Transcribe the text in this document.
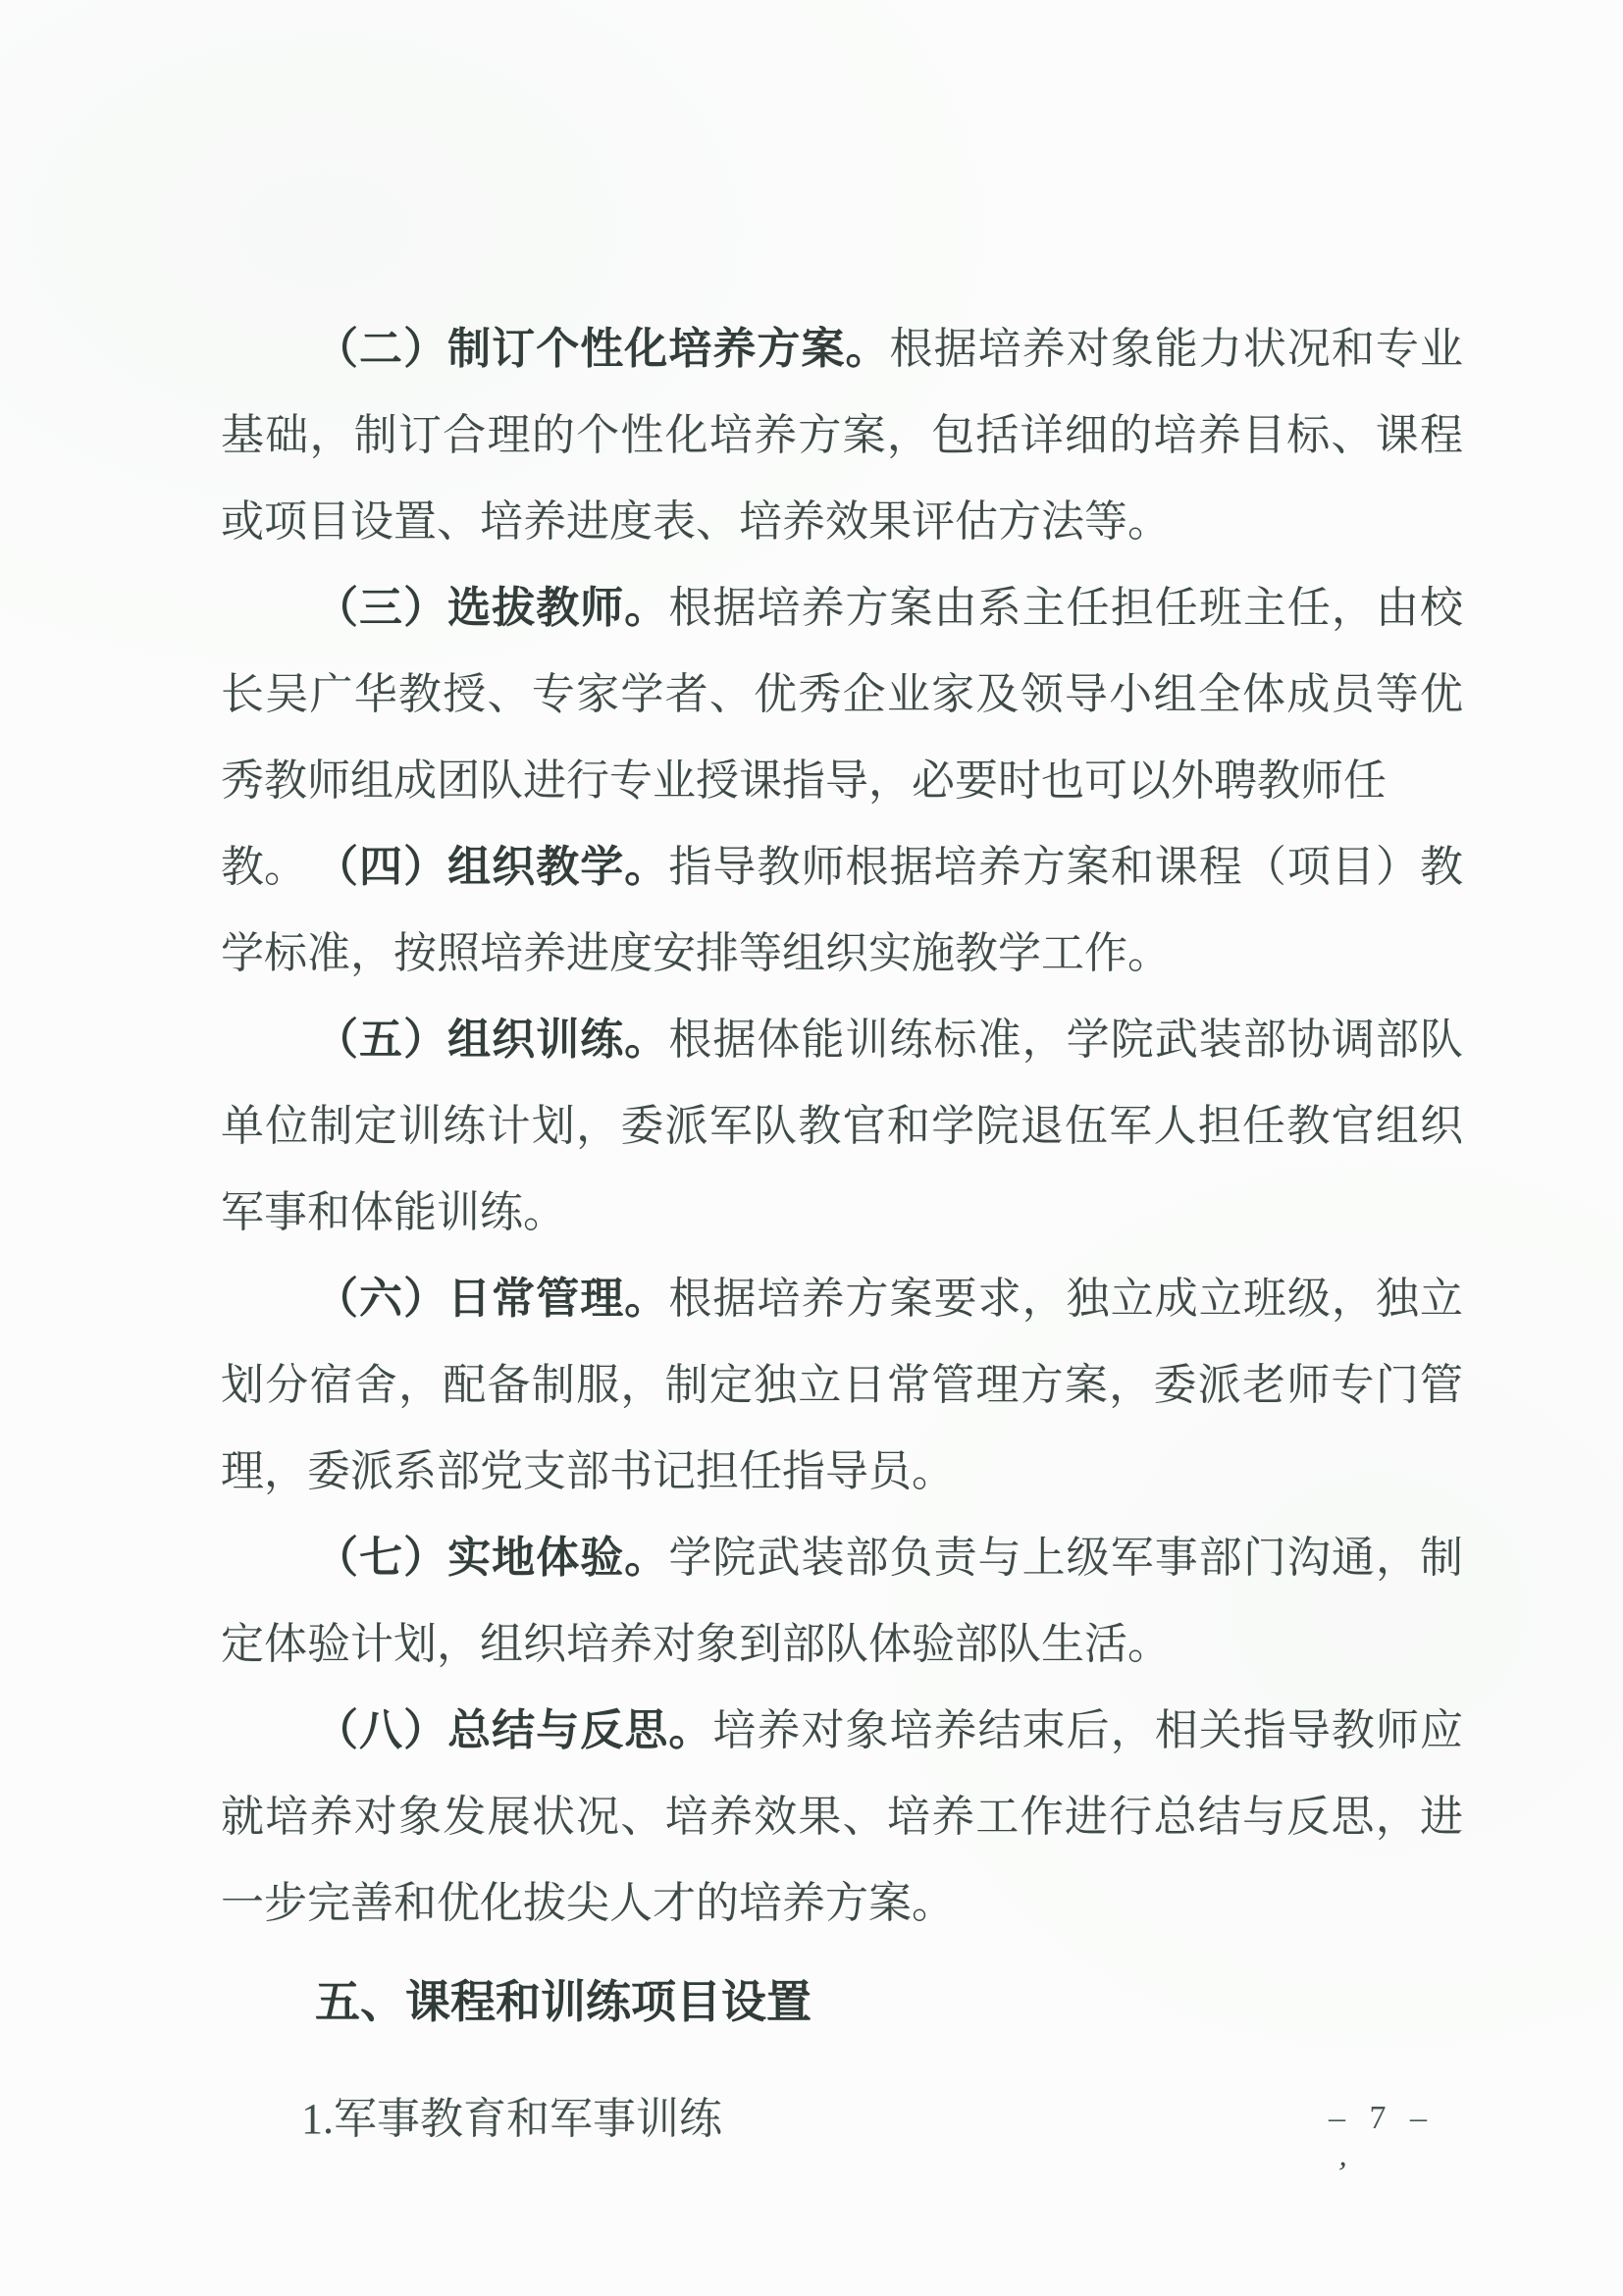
（二）制订个性化培养方案。根据培养对象能力状况和专业
基础，制订合理的个性化培养方案，包括详细的培养目标、课程
或项目设置、培养进度表、培养效果评估方法等。
（三）选拔教师。根据培养方案由系主任担任班主任，由校
长吴广华教授、专家学者、优秀企业家及领导小组全体成员等优
秀教师组成团队进行专业授课指导，必要时也可以外聘教师任教。 （四）组织教学。指导教师根据培养方案和课程（项目）教
学标准，按照培养进度安排等组织实施教学工作。
（五）组织训练。根据体能训练标准，学院武装部协调部队
单位制定训练计划，委派军队教官和学院退伍军人担任教官组织
军事和体能训练。
（六）日常管理。根据培养方案要求，独立成立班级，独立
划分宿舍，配备制服，制定独立日常管理方案，委派老师专门管
理，委派系部党支部书记担任指导员。
（七）实地体验。学院武装部负责与上级军事部门沟通，制
定体验计划，组织培养对象到部队体验部队生活。
（八）总结与反思。培养对象培养结束后，相关指导教师应
就培养对象发展状况、培养效果、培养工作进行总结与反思，进
一步完善和优化拔尖人才的培养方案。
五、课程和训练项目设置
1.军事教育和军事训练	– 7 –
,
